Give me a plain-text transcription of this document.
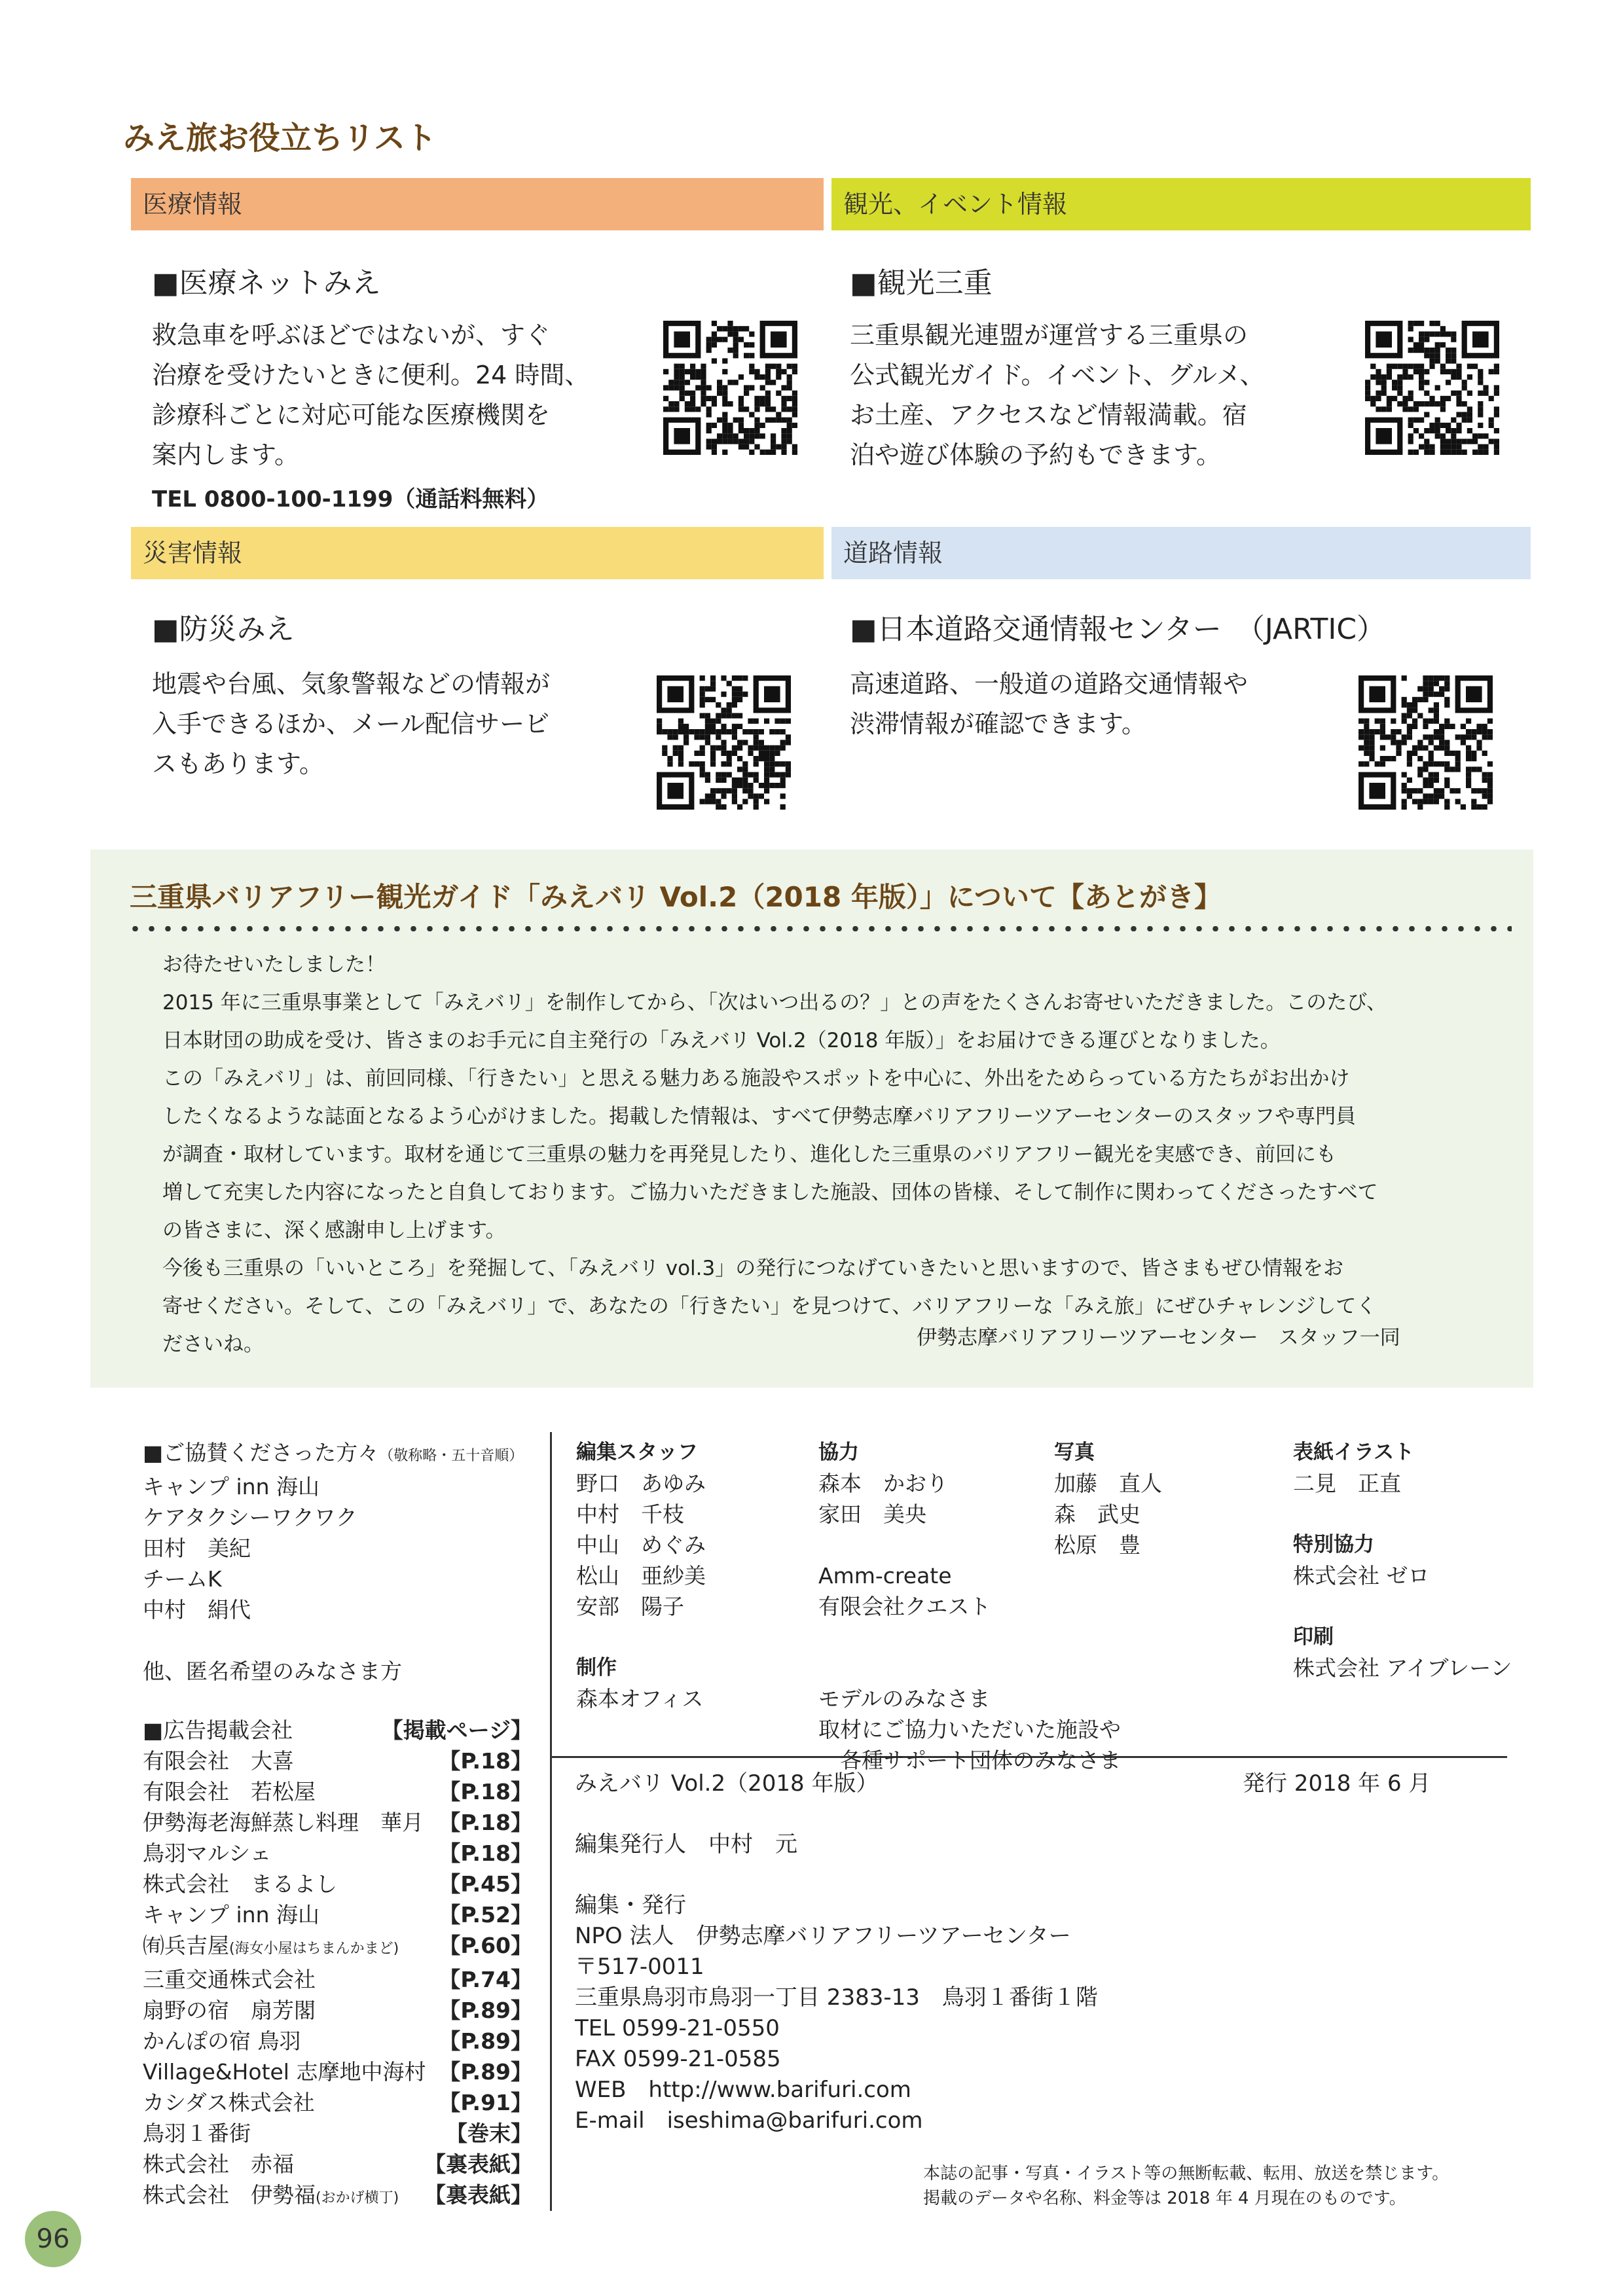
みえ旅お役立ちリスト
医療情報
■医療ネットみえ
救急車を呼ぶほどではないが、すぐ
治療を受けたいときに便利。24 時間、
診療科ごとに対応可能な医療機関を
案内します。
TEL 0800-100-1199（通話料無料）
観光、イベント情報
■観光三重
三重県観光連盟が運営する三重県の
公式観光ガイド。イベント、グルメ、
お土産、アクセスなど情報満載。宿
泊や遊び体験の予約もできます。
災害情報
■防災みえ
地震や台風、気象警報などの情報が
入手できるほか、メール配信サービ
スもあります。
道路情報
■日本道路交通情報センター　（JARTIC）
高速道路、一般道の道路交通情報や
渋滞情報が確認できます。
三重県バリアフリー観光ガイド「みえバリ Vol.2（2018 年版）」について【あとがき】
お待たせいたしました！
2015 年に三重県事業として「みえバリ」を制作してから、「次はいつ出るの？」との声をたくさんお寄せいただきました。このたび、
日本財団の助成を受け、皆さまのお手元に自主発行の「みえバリ Vol.2（2018 年版）」をお届けできる運びとなりました。
この「みえバリ」は、前回同様、「行きたい」と思える魅力ある施設やスポットを中心に、外出をためらっている方たちがお出かけ
したくなるような誌面となるよう心がけました。掲載した情報は、すべて伊勢志摩バリアフリーツアーセンターのスタッフや専門員
が調査・取材しています。取材を通じて三重県の魅力を再発見したり、進化した三重県のバリアフリー観光を実感でき、前回にも
増して充実した内容になったと自負しております。ご協力いただきました施設、団体の皆様、そして制作に関わってくださったすべて
の皆さまに、深く感謝申し上げます。
今後も三重県の「いいところ」を発掘して、「みえバリ vol.3」の発行につなげていきたいと思いますので、皆さまもぜひ情報をお
寄せください。そして、この「みえバリ」で、あなたの「行きたい」を見つけて、バリアフリーな「みえ旅」にぜひチャレンジしてく
ださいね。	伊勢志摩バリアフリーツアーセンター　スタッフ一同
■ご協賛くださった方々（敬称略・五十音順）
キャンプ inn 海山
ケアタクシーワクワク
田村　美紀
チームK
中村　絹代
他、匿名希望のみなさま方
■広告掲載会社	【掲載ページ】
有限会社　大喜	【P.18】
有限会社　若松屋	【P.18】
伊勢海老海鮮蒸し料理　華月 【P.18】
鳥羽マルシェ	【P.18】
株式会社　まるよし	【P.45】
キャンプ inn 海山	【P.52】
㈲兵吉屋(海女小屋はちまんかまど) 【P.60】
三重交通株式会社	【P.74】
扇野の宿　扇芳閣	【P.89】
かんぽの宿 鳥羽	【P.89】
Village&Hotel 志摩地中海村 【P.89】
カシダス株式会社	【P.91】
鳥羽１番街	【巻末】
株式会社　赤福	【裏表紙】
株式会社　伊勢福(おかげ横丁) 【裏表紙】
編集スタッフ
野口　あゆみ
中村　千枝
中山　めぐみ
松山　亜紗美
安部　陽子
制作
森本オフィス
協力
森本　かおり
家田　美央
Amm-create
有限会社クエスト
モデルのみなさま
取材にご協力いただいた施設や
　各種サポート団体のみなさま
写真
加藤　直人
森　武史
松原　豊
表紙イラスト
二見　正直
特別協力
株式会社 ゼロ
印刷
株式会社 アイブレーン
みえバリ Vol.2（2018 年版）	発行 2018 年 6 月
編集発行人　中村　元
編集・発行
NPO 法人　伊勢志摩バリアフリーツアーセンター
〒517-0011
三重県鳥羽市鳥羽一丁目 2383-13　鳥羽１番街１階
TEL 0599-21-0550
FAX 0599-21-0585
WEB　http://www.barifuri.com
E-mail　iseshima@barifuri.com
本誌の記事・写真・イラスト等の無断転載、転用、放送を禁じます。
掲載のデータや名称、料金等は 2018 年 4 月現在のものです。
96
